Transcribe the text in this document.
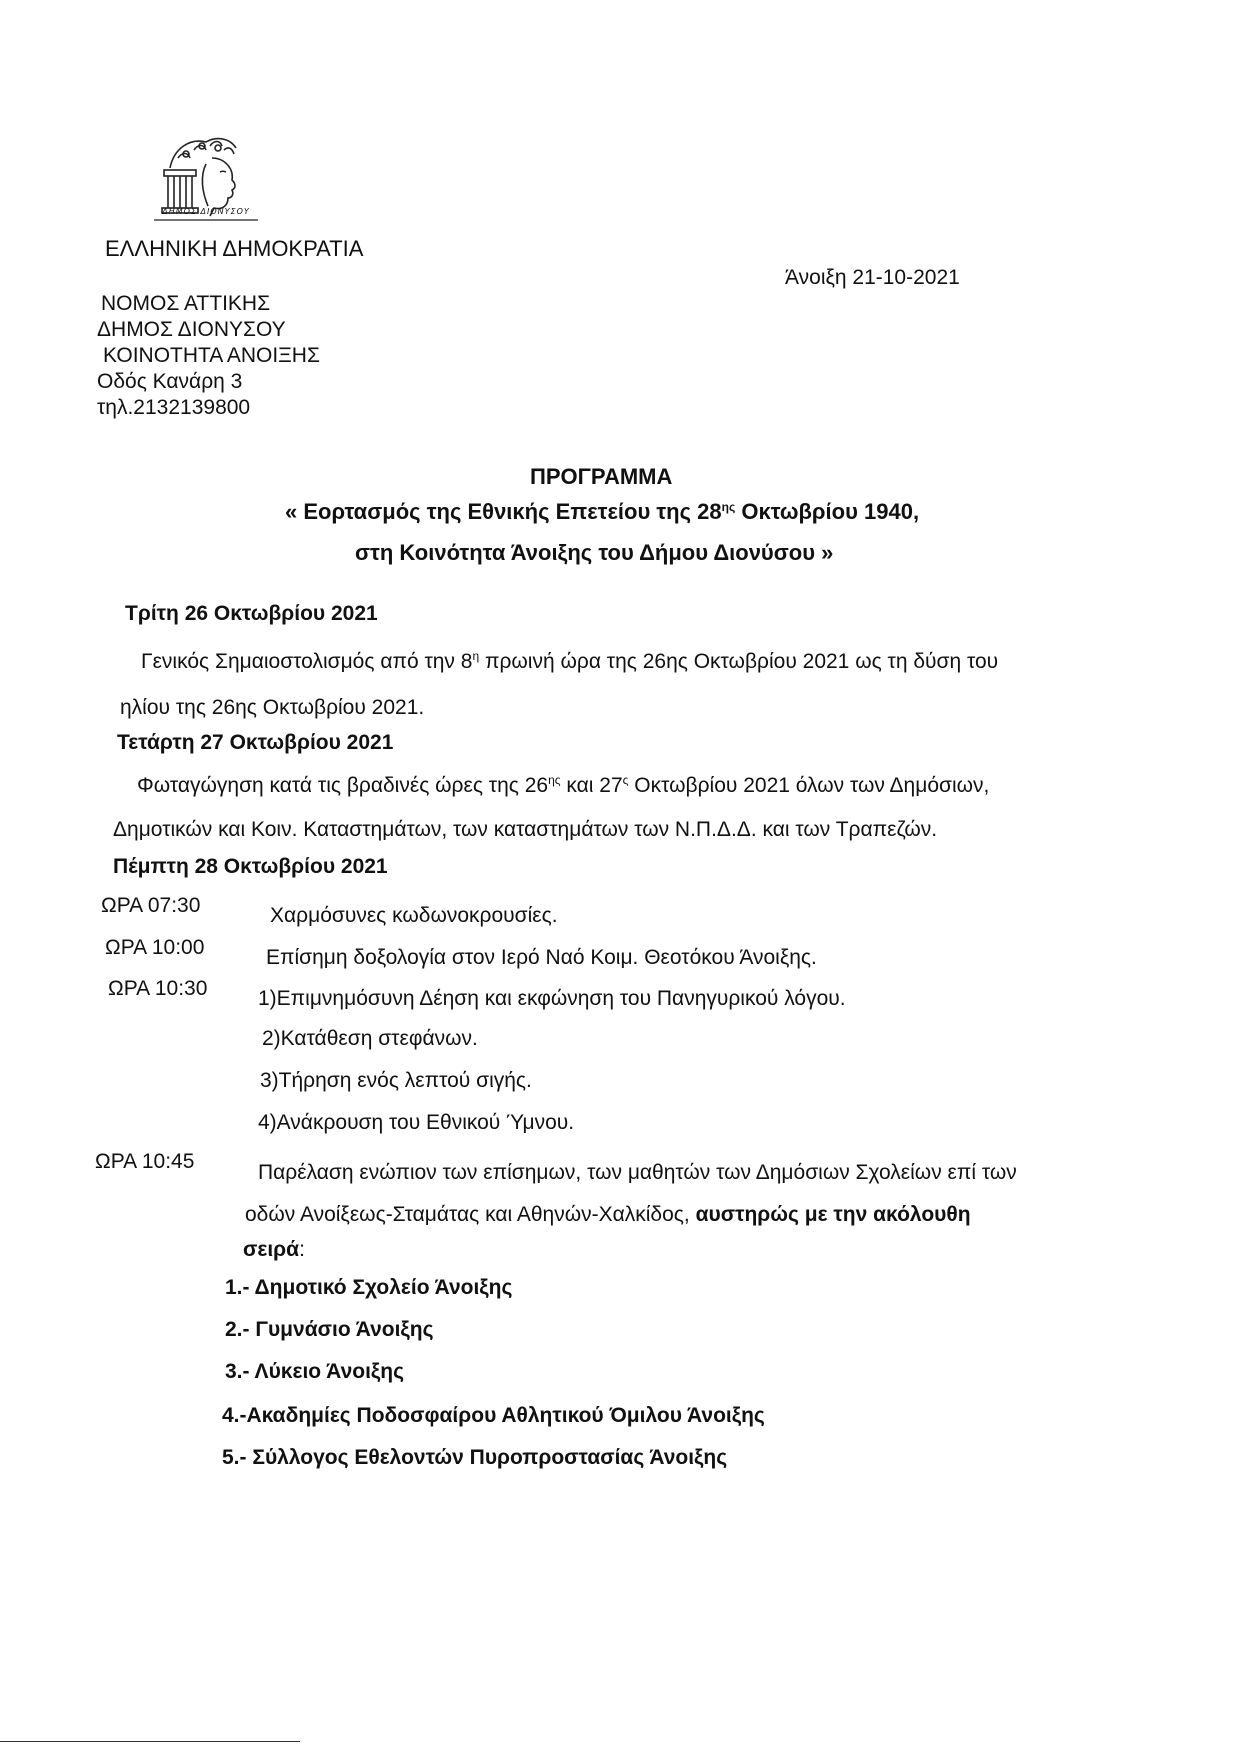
ΔΗΜΟΣ ΔΙΟΝΥΣΟΥ
ΕΛΛΗΝΙΚΗ ΔΗΜΟΚΡΑΤΙΑ
Άνοιξη 21-10-2021
ΝΟΜΟΣ ΑΤΤΙΚΗΣ
ΔΗΜΟΣ ΔΙΟΝΥΣΟΥ
ΚΟΙΝΟΤΗΤΑ ΑΝΟΙΞΗΣ
Οδός Κανάρη 3
τηλ.2132139800
ΠΡΟΓΡΑΜΜΑ
« Εορτασμός της Εθνικής Επετείου της $28^{\eta\varsigma}$ Οκτωβρίου 1940,
στη Κοινότητα Άνοιξης του Δήμου Διονύσου »
Τρίτη 26 Οκτωβρίου 2021
Γενικός Σημαιοστολισμός από την $8^\eta$ πρωινή ώρα της 26ης Οκτωβρίου 2021 ως τη δύση του
ηλίου της 26ης Οκτωβρίου 2021.
Τετάρτη 27 Οκτωβρίου 2021
Φωταγώγηση κατά τις βραδινές ώρες της $26^{\eta\varsigma}$ και $27^\varsigma$ Οκτωβρίου 2021 όλων των Δημόσιων,
Δημοτικών και Κοιν. Καταστημάτων, των καταστημάτων των Ν.Π.Δ.Δ. και των Τραπεζών.
Πέμπτη 28 Οκτωβρίου 2021
ΩΡΑ 07:30	Χαρμόσυνες κωδωνοκρουσίες.
ΩΡΑ 10:00	Επίσημη δοξολογία στον Ιερό Ναό Κοιμ. Θεοτόκου Άνοιξης.
ΩΡΑ 10:30 1)Επιμνημόσυνη Δέηση και εκφώνηση του Πανηγυρικού λόγου.
2)Κατάθεση στεφάνων.
3)Τήρηση ενός λεπτού σιγής.
4)Ανάκρουση του Εθνικού Ύμνου.
ΩΡΑ 10:45	Παρέλαση ενώπιον των επίσημων, των μαθητών των Δημόσιων Σχολείων επί των
οδών Ανοίξεως-Σταμάτας και Αθηνών-Χαλκίδος, αυστηρώς με την ακόλουθη
σειρά:
1.- Δημοτικό Σχολείο Άνοιξης
2.- Γυμνάσιο Άνοιξης
3.- Λύκειο Άνοιξης
4.-Ακαδημίες Ποδοσφαίρου Αθλητικού Όμιλου Άνοιξης
5.- Σύλλογος Εθελοντών Πυροπροστασίας Άνοιξης
